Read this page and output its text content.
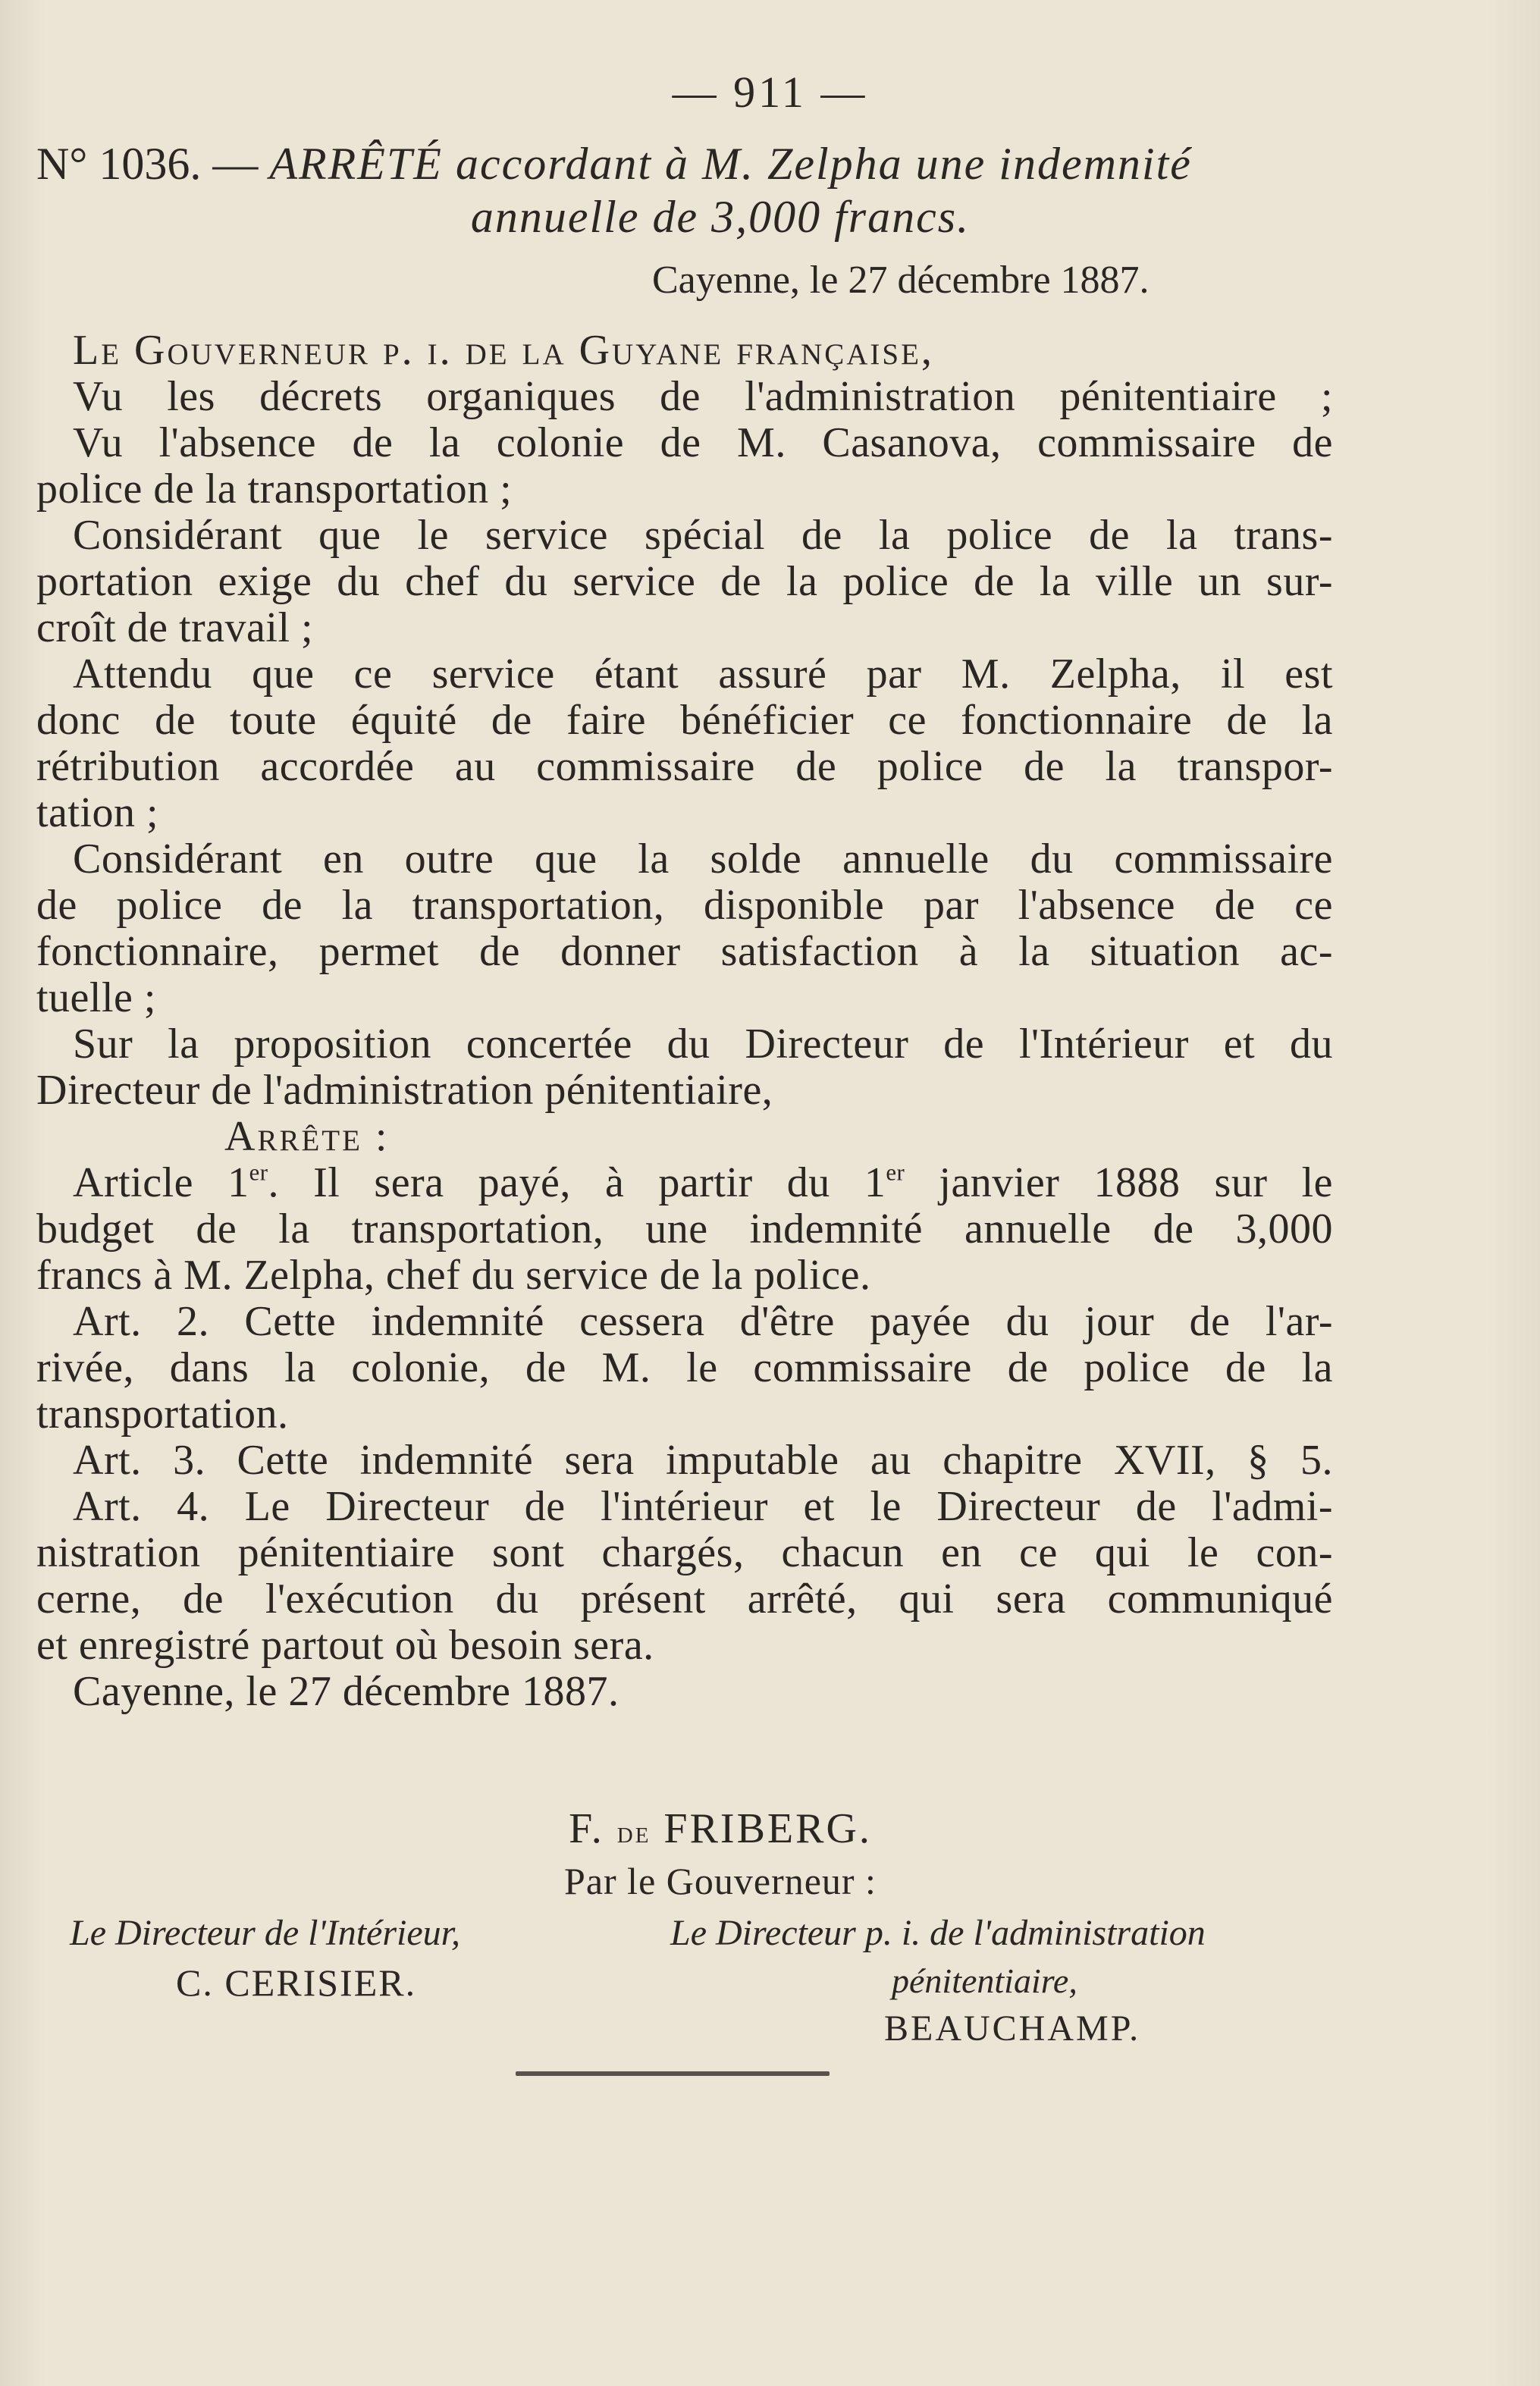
— 911 —
N° 1036. — ARRÊTÉ accordant à M. Zelpha une indemnité
annuelle de 3,000 francs.
Cayenne, le 27 décembre 1887.
Le Gouverneur p. i. de la Guyane française,
Vu les décrets organiques de l'administration pénitentiaire ;
Vu l'absence de la colonie de M. Casanova, commissaire de
police de la transportation ;
Considérant que le service spécial de la police de la trans-
portation exige du chef du service de la police de la ville un sur-
croît de travail ;
Attendu que ce service étant assuré par M. Zelpha, il est
donc de toute équité de faire bénéficier ce fonctionnaire de la
rétribution accordée au commissaire de police de la transpor-
tation ;
Considérant en outre que la solde annuelle du commissaire
de police de la transportation, disponible par l'absence de ce
fonctionnaire, permet de donner satisfaction à la situation ac-
tuelle ;
Sur la proposition concertée du Directeur de l'Intérieur et du
Directeur de l'administration pénitentiaire,
Arrête :
Article 1er. Il sera payé, à partir du 1er janvier 1888 sur le
budget de la transportation, une indemnité annuelle de 3,000
francs à M. Zelpha, chef du service de la police.
Art. 2. Cette indemnité cessera d'être payée du jour de l'ar-
rivée, dans la colonie, de M. le commissaire de police de la
transportation.
Art. 3. Cette indemnité sera imputable au chapitre XVII, § 5.
Art. 4. Le Directeur de l'intérieur et le Directeur de l'admi-
nistration pénitentiaire sont chargés, chacun en ce qui le con-
cerne, de l'exécution du présent arrêté, qui sera communiqué
et enregistré partout où besoin sera.
Cayenne, le 27 décembre 1887.
F. de FRIBERG.
Par le Gouverneur :
Le Directeur de l'Intérieur,	Le Directeur p. i. de l'administration
C. CERISIER.	pénitentiaire,
BEAUCHAMP.
